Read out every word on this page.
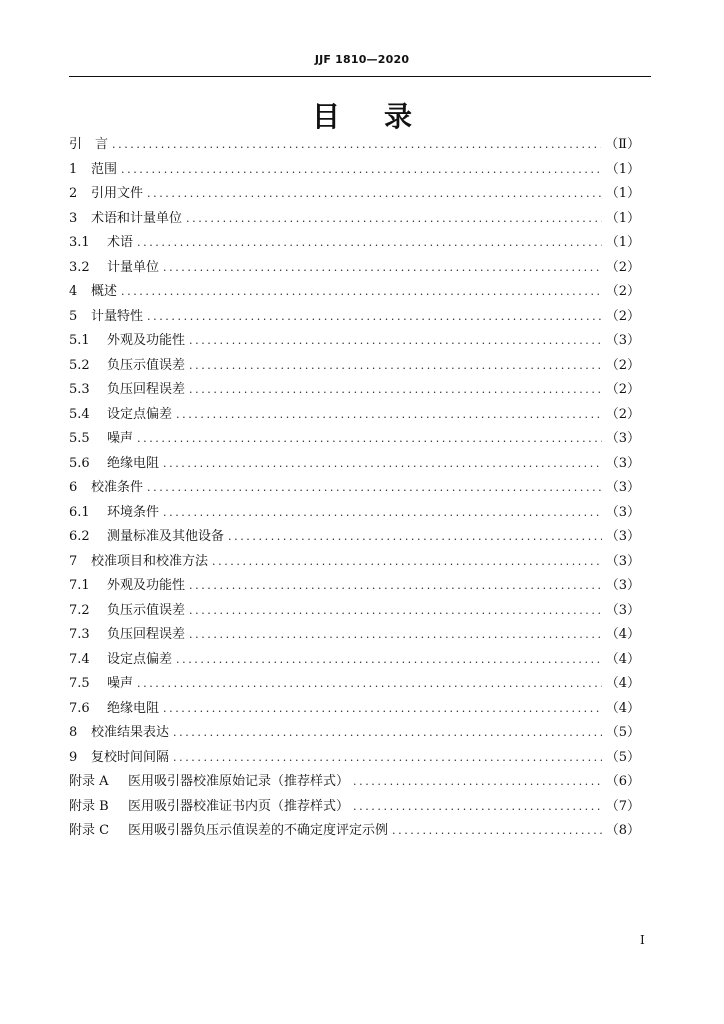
JJF 1810—2020
目 录
引　言 .....	（Ⅱ）
1	范围 .....	（1）
2	引用文件 .....	（1）
3	术语和计量单位 .....	（1）
3.1	术语 .....	（1）
3.2	计量单位 .....	（2）
4	概述 .....	（2）
5	计量特性 .....	（2）
5.1	外观及功能性 .....	（3）
5.2	负压示值误差 .....	（2）
5.3	负压回程误差 .....	（2）
5.4	设定点偏差 .....	（2）
5.5	噪声 .....	（3）
5.6	绝缘电阻 .....	（3）
6	校准条件 .....	（3）
6.1	环境条件 .....	（3）
6.2	测量标准及其他设备 .....	（3）
7	校准项目和校准方法 .....	（3）
7.1	外观及功能性 .....	（3）
7.2	负压示值误差 .....	（3）
7.3	负压回程误差 .....	（4）
7.4	设定点偏差 .....	（4）
7.5	噪声 .....	（4）
7.6	绝缘电阻 .....	（4）
8	校准结果表达 .....	（5）
9	复校时间间隔 .....	（5）
附录 A	医用吸引器校准原始记录（推荐样式） .....	（6）
附录 B	医用吸引器校准证书内页（推荐样式） .....	（7）
附录 C	医用吸引器负压示值误差的不确定度评定示例 .....	（8）
I
